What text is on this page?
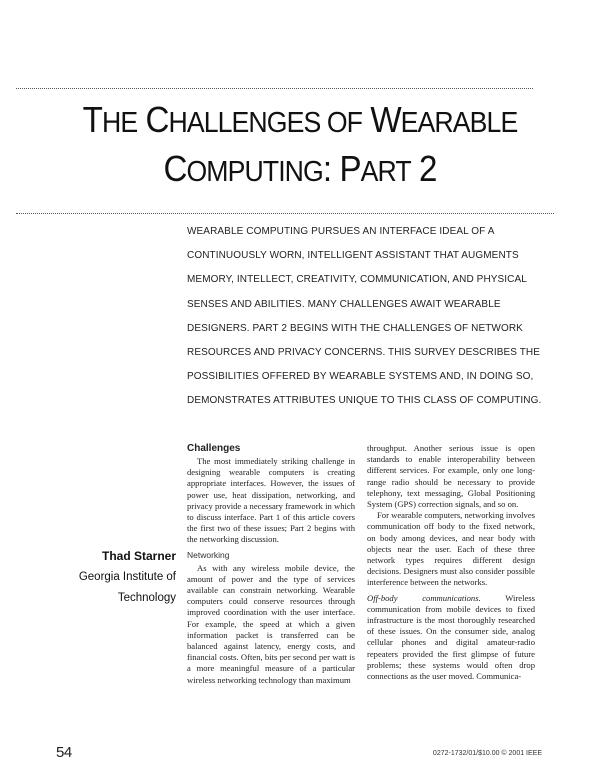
THE CHALLENGES OF WEARABLE
COMPUTING: PART 2
WEARABLE COMPUTING PURSUES AN INTERFACE IDEAL OF A CONTINUOUSLY WORN, INTELLIGENT ASSISTANT THAT AUGMENTS MEMORY, INTELLECT, CREATIVITY, COMMUNICATION, AND PHYSICAL SENSES AND ABILITIES. MANY CHALLENGES AWAIT WEARABLE DESIGNERS. PART 2 BEGINS WITH THE CHALLENGES OF NETWORK RESOURCES AND PRIVACY CONCERNS. THIS SURVEY DESCRIBES THE POSSIBILITIES OFFERED BY WEARABLE SYSTEMS AND, IN DOING SO, DEMONSTRATES ATTRIBUTES UNIQUE TO THIS CLASS OF COMPUTING.
Thad Starner
Georgia Institute of
Technology
Challenges

The most immediately striking challenge in designing wearable computers is creating appropriate interfaces. However, the issues of power use, heat dissipation, networking, and privacy provide a necessary framework in which to discuss interface. Part 1 of this article covers the first two of these issues; Part 2 begins with the networking discussion.

Networking

As with any wireless mobile device, the amount of power and the type of services available can constrain networking. Wearable computers could conserve resources through improved coordination with the user interface. For example, the speed at which a given information packet is transferred can be balanced against latency, energy costs, and financial costs. Often, bits per second per watt is a more meaningful measure of a particular wireless networking technology than maximum

throughput. Another serious issue is open standards to enable interoperability between different services. For example, only one long-range radio should be necessary to provide telephony, text messaging, Global Positioning System (GPS) correction signals, and so on.

For wearable computers, networking involves communication off body to the fixed network, on body among devices, and near body with objects near the user. Each of these three network types requires different design decisions. Designers must also consider possible interference between the networks.

Off-body communications. Wireless communication from mobile devices to fixed infrastructure is the most thoroughly researched of these issues. On the consumer side, analog cellular phones and digital amateur-radio repeaters provided the first glimpse of future problems; these systems would often drop connections as the user moved. Communica-

54	0272-1732/01/$10.00 © 2001 IEEE
